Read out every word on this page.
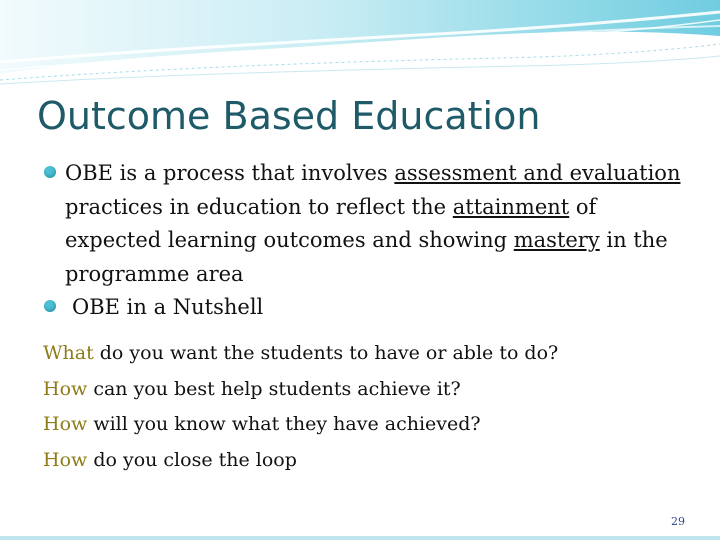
Outcome Based Education
OBE is a process that involves assessment and evaluation practices in education to reflect the attainment of expected learning outcomes and showing mastery in the programme area
OBE in a Nutshell
What do you want the students to have or able to do?
How can you best help students achieve it?
How will you know what they have achieved?
How do you close the loop
29
